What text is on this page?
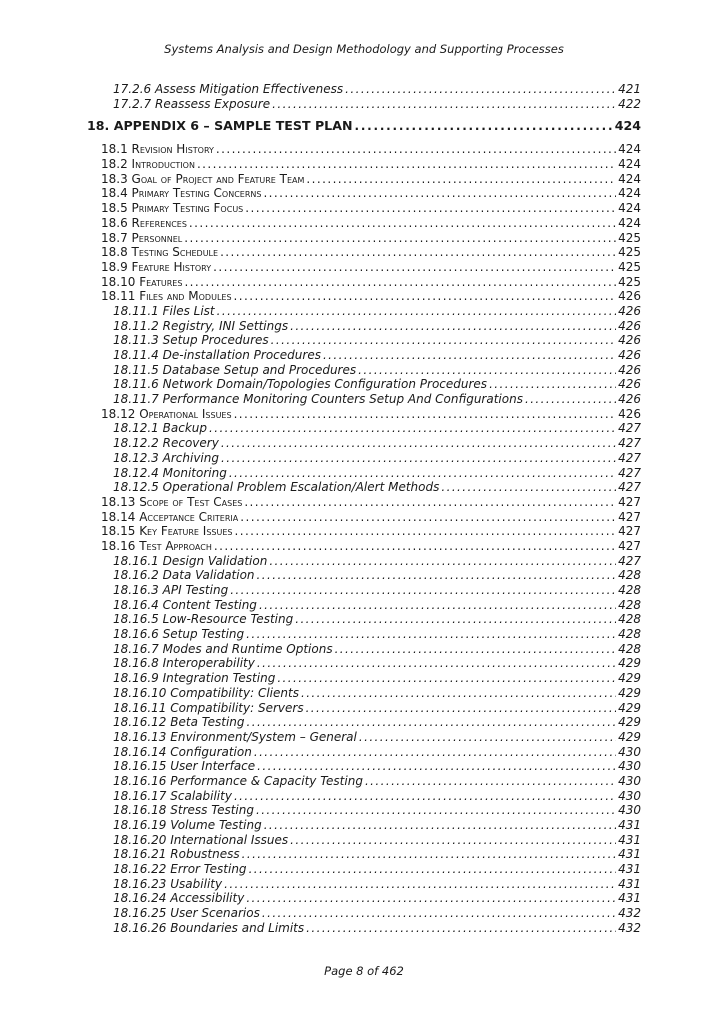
Systems Analysis and Design Methodology and Supporting Processes
17.2.6 Assess Mitigation Effectiveness . . .	421
17.2.7 Reassess Exposure . . .	422
18. APPENDIX 6 – SAMPLE TEST PLAN . . .	424
18.1 Revision History . . .	424
18.2 Introduction . . .	424
18.3 Goal of Project and Feature Team . . .	424
18.4 Primary Testing Concerns . . .	424
18.5 Primary Testing Focus . . .	424
18.6 References . . .	424
18.7 Personnel . . .	425
18.8 Testing Schedule . . .	425
18.9 Feature History . . .	425
18.10 Features . . .	425
18.11 Files and Modules . . .	426
18.11.1 Files List . . .	426
18.11.2 Registry, INI Settings . . .	426
18.11.3 Setup Procedures . . .	426
18.11.4 De-installation Procedures . . .	426
18.11.5 Database Setup and Procedures . . .	426
18.11.6 Network Domain/Topologies Configuration Procedures . . .	426
18.11.7 Performance Monitoring Counters Setup And Configurations . . .	426
18.12 Operational Issues . . .	426
18.12.1 Backup . . .	427
18.12.2 Recovery . . .	427
18.12.3 Archiving . . .	427
18.12.4 Monitoring . . .	427
18.12.5 Operational Problem Escalation/Alert Methods . . .	427
18.13 Scope of Test Cases . . .	427
18.14 Acceptance Criteria . . .	427
18.15 Key Feature Issues . . .	427
18.16 Test Approach . . .	427
18.16.1 Design Validation . . .	427
18.16.2 Data Validation . . .	428
18.16.3 API Testing . . .	428
18.16.4 Content Testing . . .	428
18.16.5 Low-Resource Testing . . .	428
18.16.6 Setup Testing . . .	428
18.16.7 Modes and Runtime Options . . .	428
18.16.8 Interoperability . . .	429
18.16.9 Integration Testing . . .	429
18.16.10 Compatibility: Clients . . .	429
18.16.11 Compatibility: Servers . . .	429
18.16.12 Beta Testing . . .	429
18.16.13 Environment/System – General . . .	429
18.16.14 Configuration . . .	430
18.16.15 User Interface . . .	430
18.16.16 Performance & Capacity Testing . . .	430
18.16.17 Scalability . . .	430
18.16.18 Stress Testing . . .	430
18.16.19 Volume Testing . . .	431
18.16.20 International Issues . . .	431
18.16.21 Robustness . . .	431
18.16.22 Error Testing . . .	431
18.16.23 Usability . . .	431
18.16.24 Accessibility . . .	431
18.16.25 User Scenarios . . .	432
18.16.26 Boundaries and Limits . . .	432
Page 8 of 462
